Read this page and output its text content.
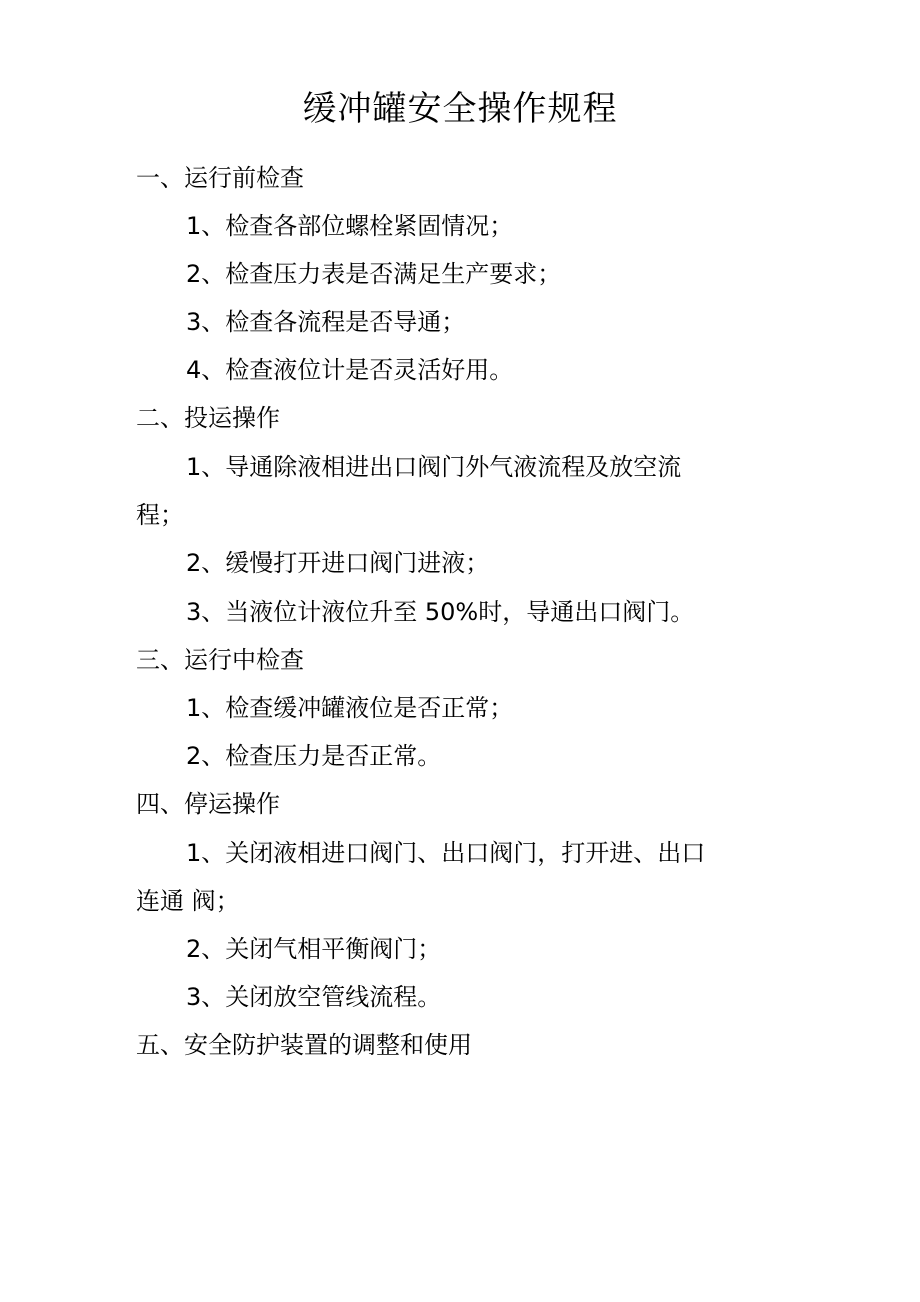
缓冲罐安全操作规程
一、运行前检查
1、检查各部位螺栓紧固情况；
2、检查压力表是否满足生产要求；
3、检查各流程是否导通；
4、检查液位计是否灵活好用。
二、投运操作
1、导通除液相进出口阀门外气液流程及放空流
程；
2、缓慢打开进口阀门进液；
3、当液位计液位升至 50%时，导通出口阀门。
三、运行中检查
1、检查缓冲罐液位是否正常；
2、检查压力是否正常。
四、停运操作
1、关闭液相进口阀门、出口阀门，打开进、出口
连通 阀；
2、关闭气相平衡阀门；
3、关闭放空管线流程。
五、安全防护装置的调整和使用
